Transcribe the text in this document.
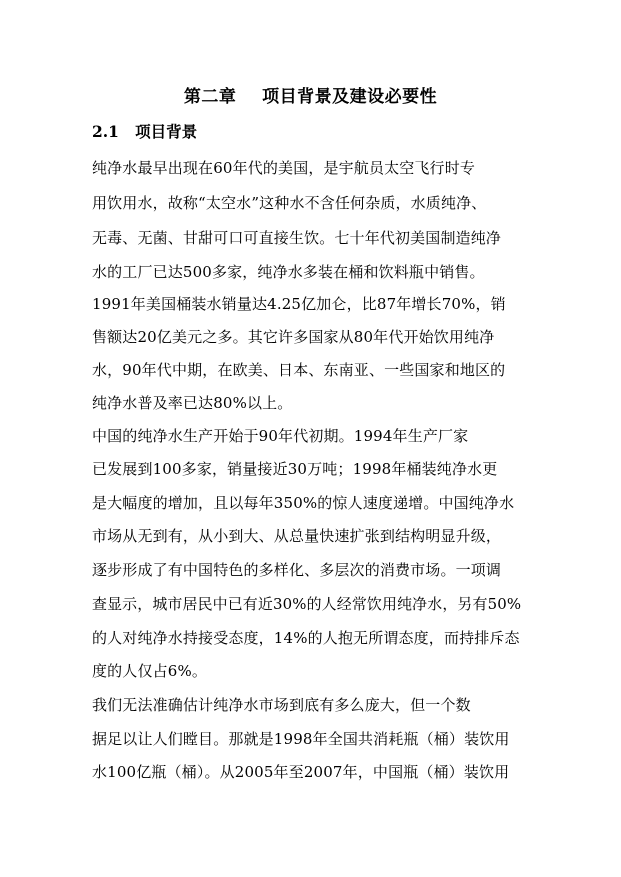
第二章    项目背景及建设必要性
2.1   项目背景

纯净水最早出现在60年代的美国，是宇航员太空飞行时专

用饮用水，故称“太空水”这种水不含任何杂质，水质纯净、

无毒、无菌、甘甜可口可直接生饮。七十年代初美国制造纯净

水的工厂已达500多家，纯净水多装在桶和饮料瓶中销售。

1991年美国桶装水销量达4.25亿加仑，比87年增长70%，销

售额达20亿美元之多。其它许多国家从80年代开始饮用纯净

水，90年代中期，在欧美、日本、东南亚、一些国家和地区的

纯净水普及率已达80%以上。

中国的纯净水生产开始于90年代初期。1994年生产厂家

已发展到100多家，销量接近30万吨；1998年桶装纯净水更

是大幅度的增加，且以每年350%的惊人速度递增。中国纯净水

市场从无到有，从小到大、从总量快速扩张到结构明显升级，

逐步形成了有中国特色的多样化、多层次的消费市场。一项调

查显示，城市居民中已有近30%的人经常饮用纯净水，另有50%

的人对纯净水持接受态度，14%的人抱无所谓态度，而持排斥态

度的人仅占6%。

我们无法准确估计纯净水市场到底有多么庞大，但一个数

据足以让人们瞠目。那就是1998年全国共消耗瓶（桶）装饮用

水100亿瓶（桶）。从2005年至2007年，中国瓶（桶）装饮用
